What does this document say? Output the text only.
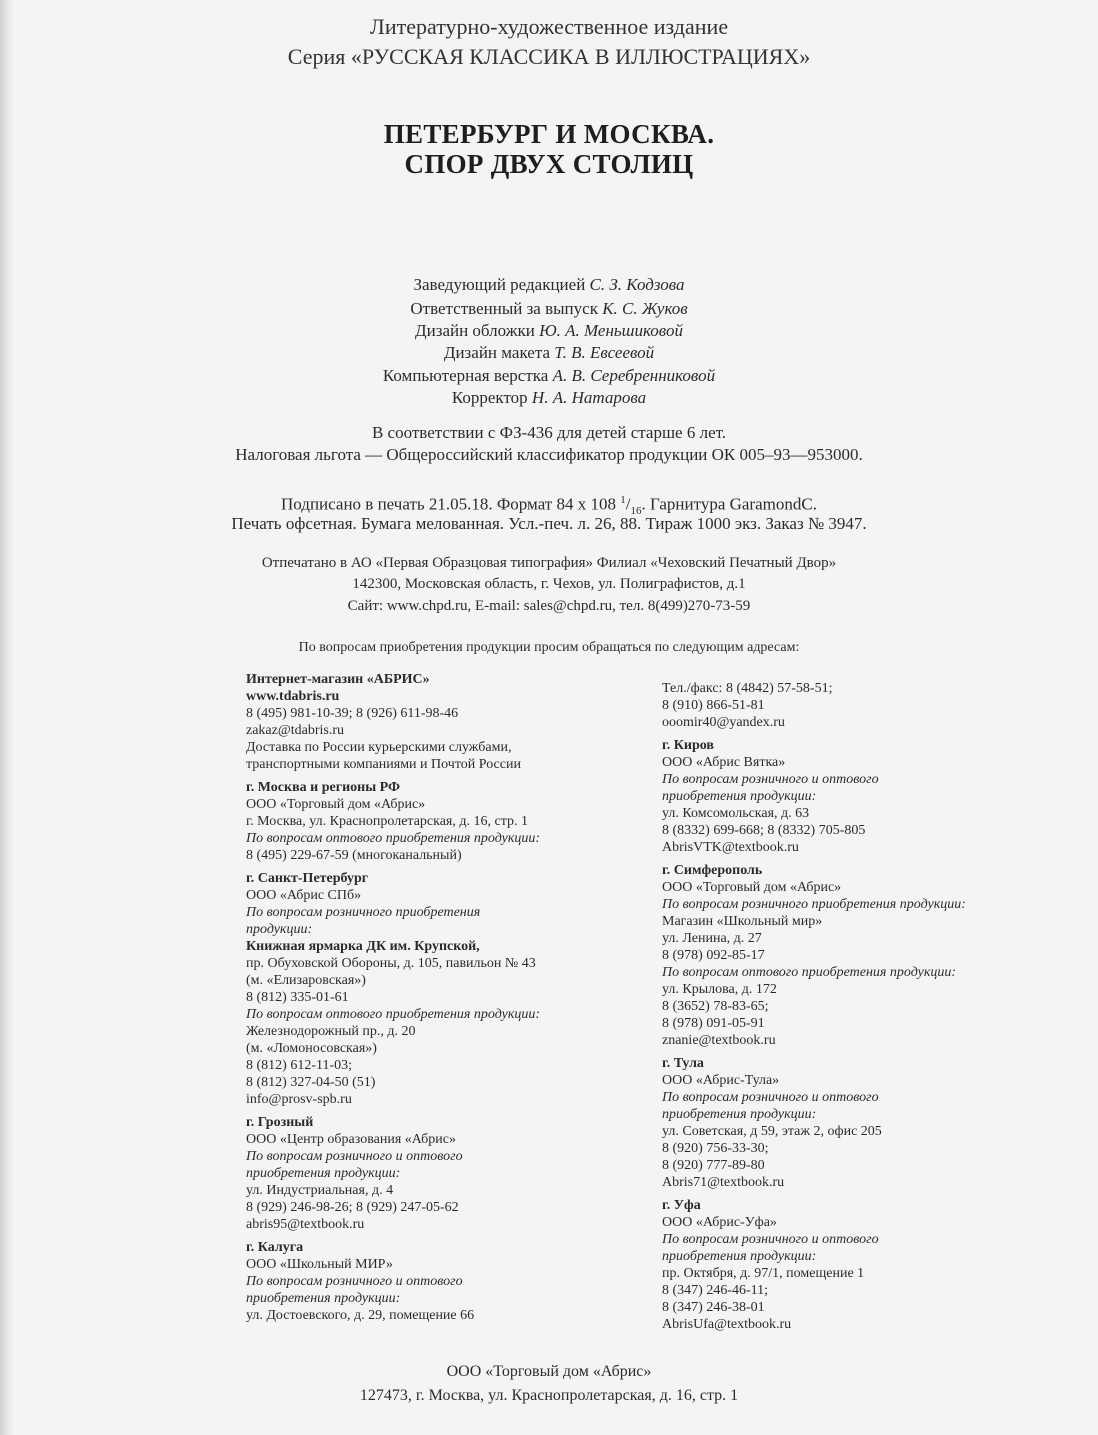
Литературно-художественное издание
Серия «РУССКАЯ КЛАССИКА В ИЛЛЮСТРАЦИЯХ»
ПЕТЕРБУРГ И МОСКВА.
СПОР ДВУХ СТОЛИЦ
Заведующий редакцией С. З. Кодзова
Ответственный за выпуск К. С. Жуков
Дизайн обложки Ю. А. Меньшиковой
Дизайн макета Т. В. Евсеевой
Компьютерная верстка А. В. Серебренниковой
Корректор Н. А. Натарова
В соответствии с ФЗ-436 для детей старше 6 лет.
Налоговая льгота — Общероссийский классификатор продукции ОК 005–93—953000.
Подписано в печать 21.05.18. Формат 84 х 108 $^1/_{16}$. Гарнитура GaramondC.
Печать офсетная. Бумага мелованная. Усл.-печ. л. 26, 88. Тираж 1000 экз. Заказ № 3947.
Отпечатано в АО «Первая Образцовая типография» Филиал «Чеховский Печатный Двор»
142300, Московская область, г. Чехов, ул. Полиграфистов, д.1
Сайт: www.chpd.ru, E-mail: sales@chpd.ru, тел. 8(499)270-73-59
По вопросам приобретения продукции просим обращаться по следующим адресам:
Интернет-магазин «АБРИС»
www.tdabris.ru
8 (495) 981-10-39; 8 (926) 611-98-46
zakaz@tdabris.ru
Доставка по России курьерскими службами,
транспортными компаниями и Почтой России
г. Москва и регионы РФ
ООО «Торговый дом «Абрис»
г. Москва, ул. Краснопролетарская, д. 16, стр. 1
По вопросам оптового приобретения продукции:
8 (495) 229-67-59 (многоканальный)
г. Санкт-Петербург
ООО «Абрис СПб»
По вопросам розничного приобретения
продукции:
Книжная ярмарка ДК им. Крупской,
пр. Обуховской Обороны, д. 105, павильон № 43
(м. «Елизаровская»)
8 (812) 335-01-61
По вопросам оптового приобретения продукции:
Железнодорожный пр., д. 20
(м. «Ломоносовская»)
8 (812) 612-11-03;
8 (812) 327-04-50 (51)
info@prosv-spb.ru
г. Грозный
ООО «Центр образования «Абрис»
По вопросам розничного и оптового
приобретения продукции:
ул. Индустриальная, д. 4
8 (929) 246-98-26; 8 (929) 247-05-62
abris95@textbook.ru
г. Калуга
ООО «Школьный МИР»
По вопросам розничного и оптового
приобретения продукции:
ул. Достоевского, д. 29, помещение 66
Тел./факс: 8 (4842) 57-58-51;
8 (910) 866-51-81
ooomir40@yandex.ru
г. Киров
ООО «Абрис Вятка»
По вопросам розничного и оптового
приобретения продукции:
ул. Комсомольская, д. 63
8 (8332) 699-668; 8 (8332) 705-805
AbrisVTK@textbook.ru
г. Симферополь
ООО «Торговый дом «Абрис»
По вопросам розничного приобретения продукции:
Магазин «Школьный мир»
ул. Ленина, д. 27
8 (978) 092-85-17
По вопросам оптового приобретения продукции:
ул. Крылова, д. 172
8 (3652) 78-83-65;
8 (978) 091-05-91
znanie@textbook.ru
г. Тула
ООО «Абрис-Тула»
По вопросам розничного и оптового
приобретения продукции:
ул. Советская, д 59, этаж 2, офис 205
8 (920) 756-33-30;
8 (920) 777-89-80
Abris71@textbook.ru
г. Уфа
ООО «Абрис-Уфа»
По вопросам розничного и оптового
приобретения продукции:
пр. Октября, д. 97/1, помещение 1
8 (347) 246-46-11;
8 (347) 246-38-01
AbrisUfa@textbook.ru
ООО «Торговый дом «Абрис»
127473, г. Москва, ул. Краснопролетарская, д. 16, стр. 1
